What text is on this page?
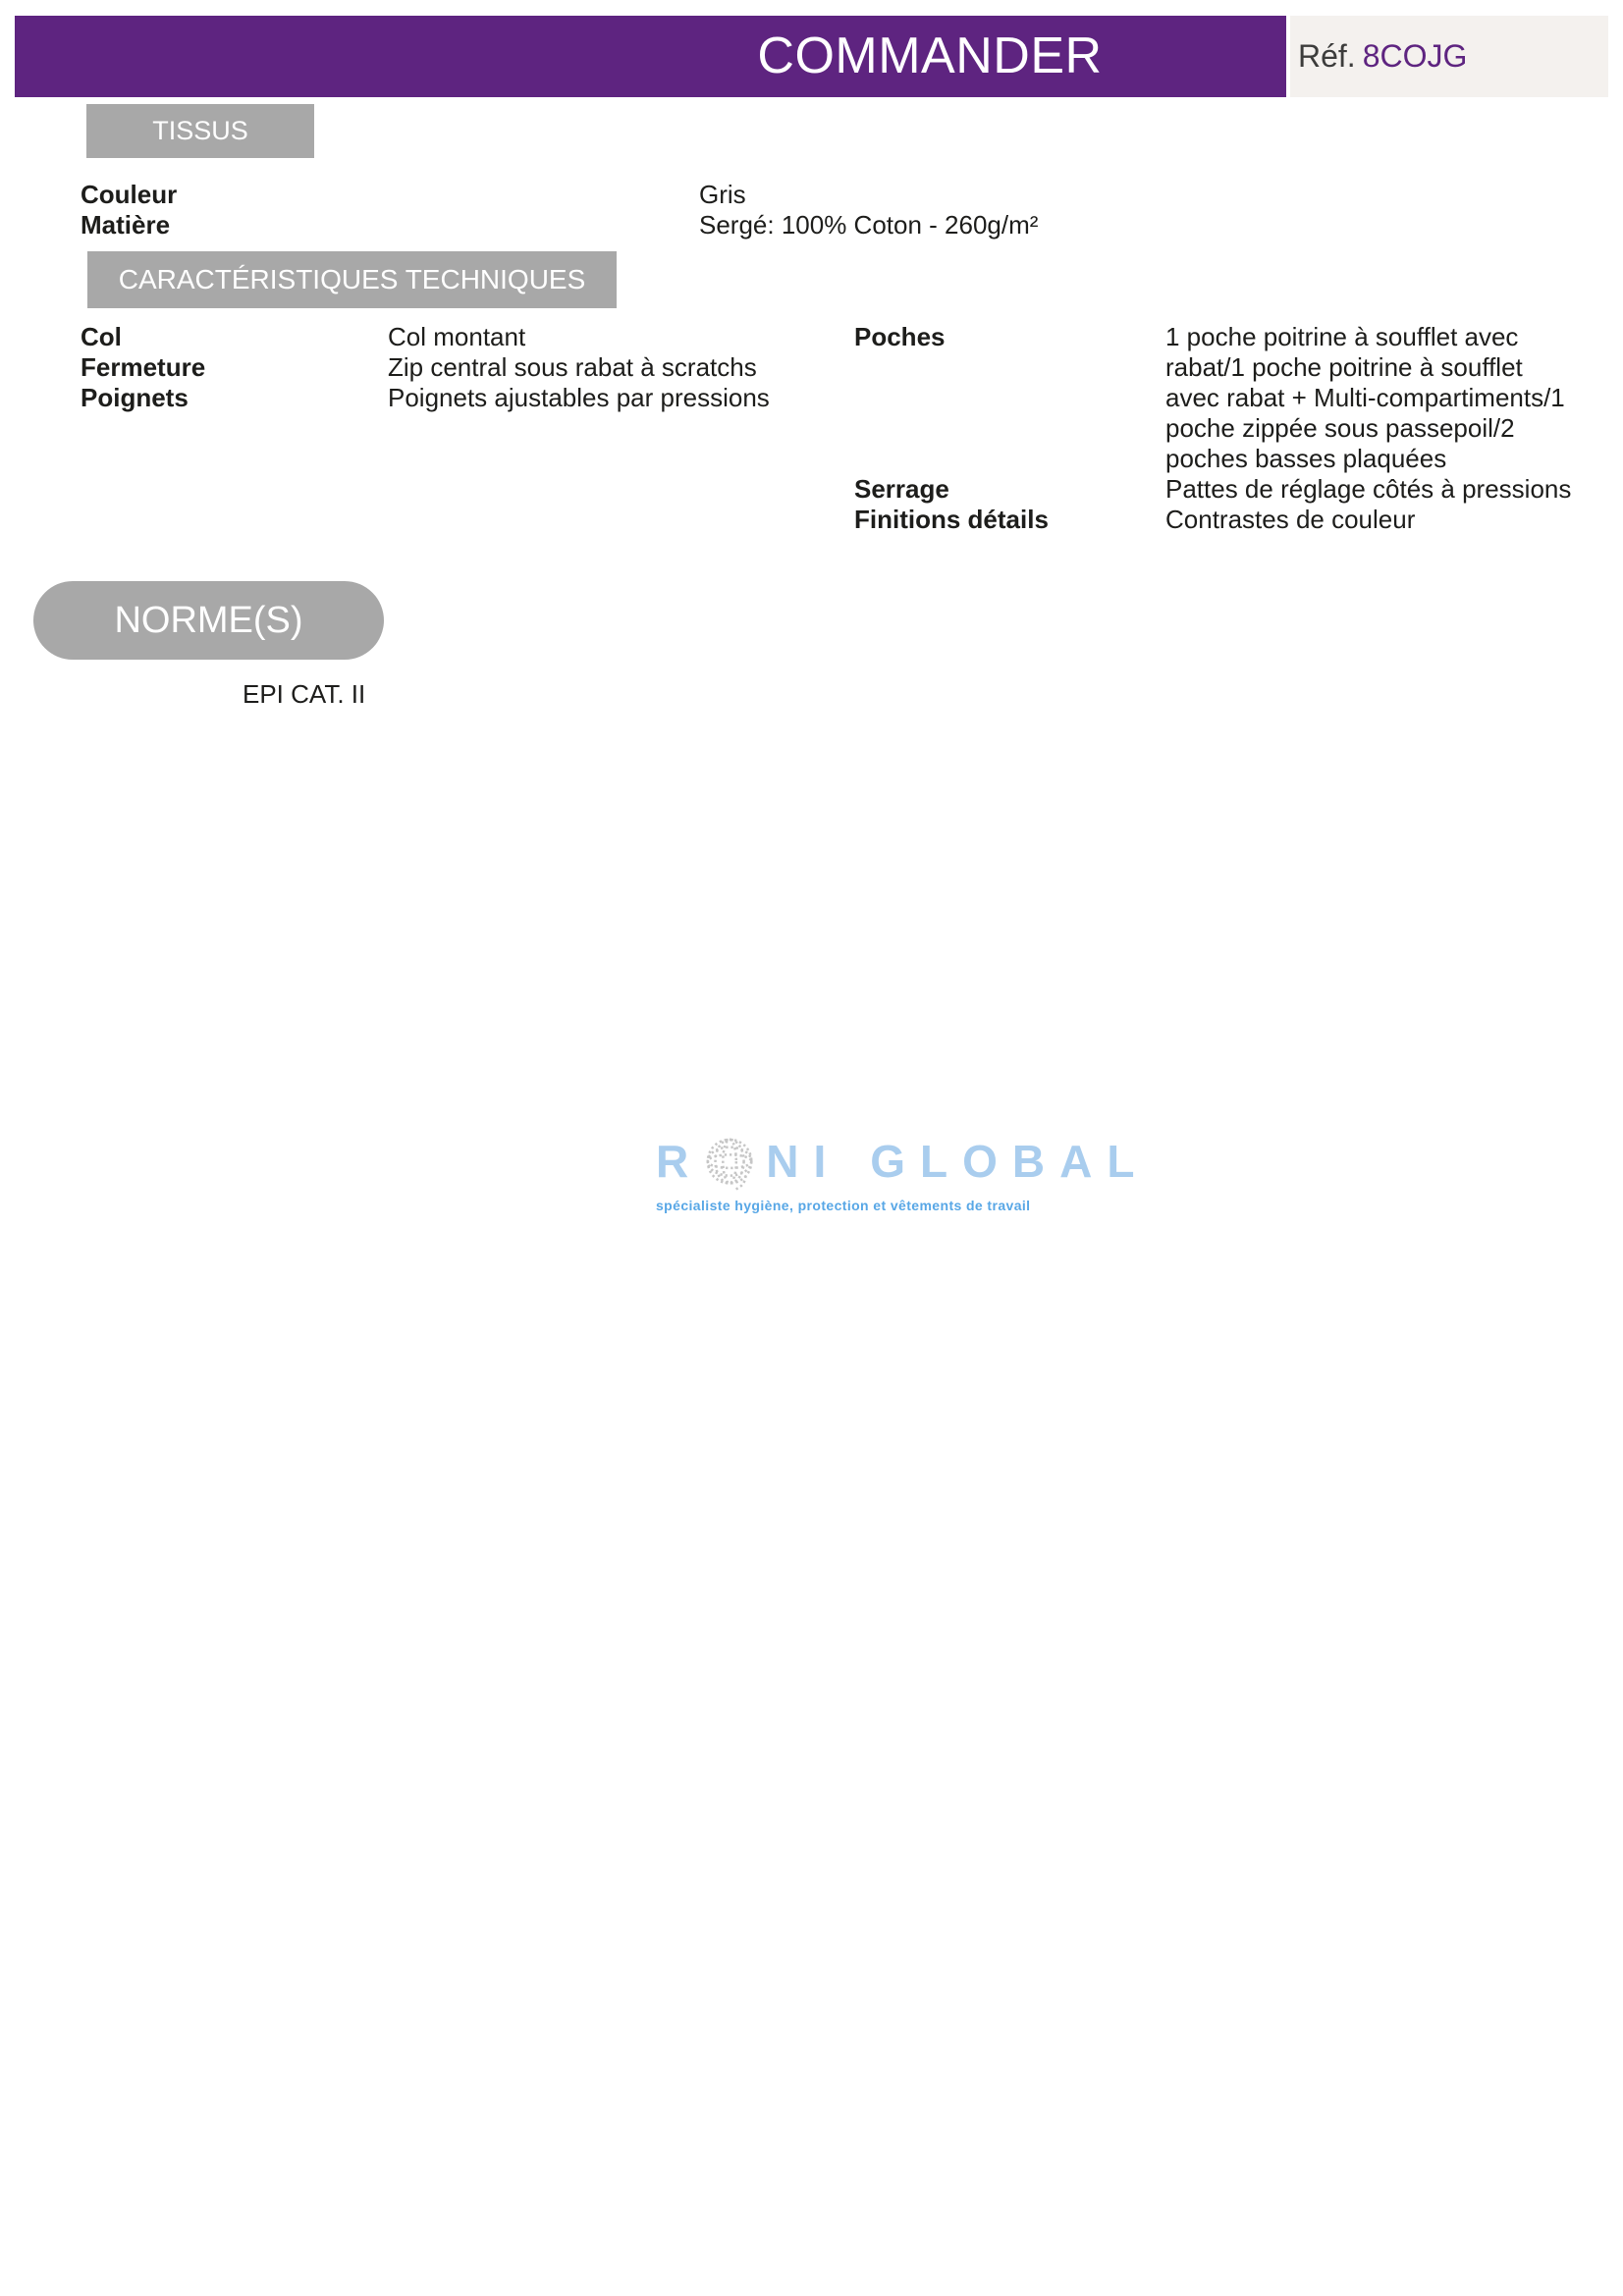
COMMANDER	Réf. 8COJG
TISSUS
Couleur	Gris
Matière	Sergé: 100% Coton - 260g/m²
CARACTÉRISTIQUES TECHNIQUES
Col	Col montant
Fermeture	Zip central sous rabat à scratchs
Poignets	Poignets ajustables par pressions
Poches	1 poche poitrine à soufflet avec rabat/1 poche poitrine à soufflet avec rabat + Multi-compartiments/1 poche zippée sous passepoil/2 poches basses plaquées
Serrage	Pattes de réglage côtés à pressions
Finitions détails	Contrastes de couleur
NORME(S)
EPI CAT. II
R NI GLOBAL
spécialiste hygiène, protection et vêtements de travail
